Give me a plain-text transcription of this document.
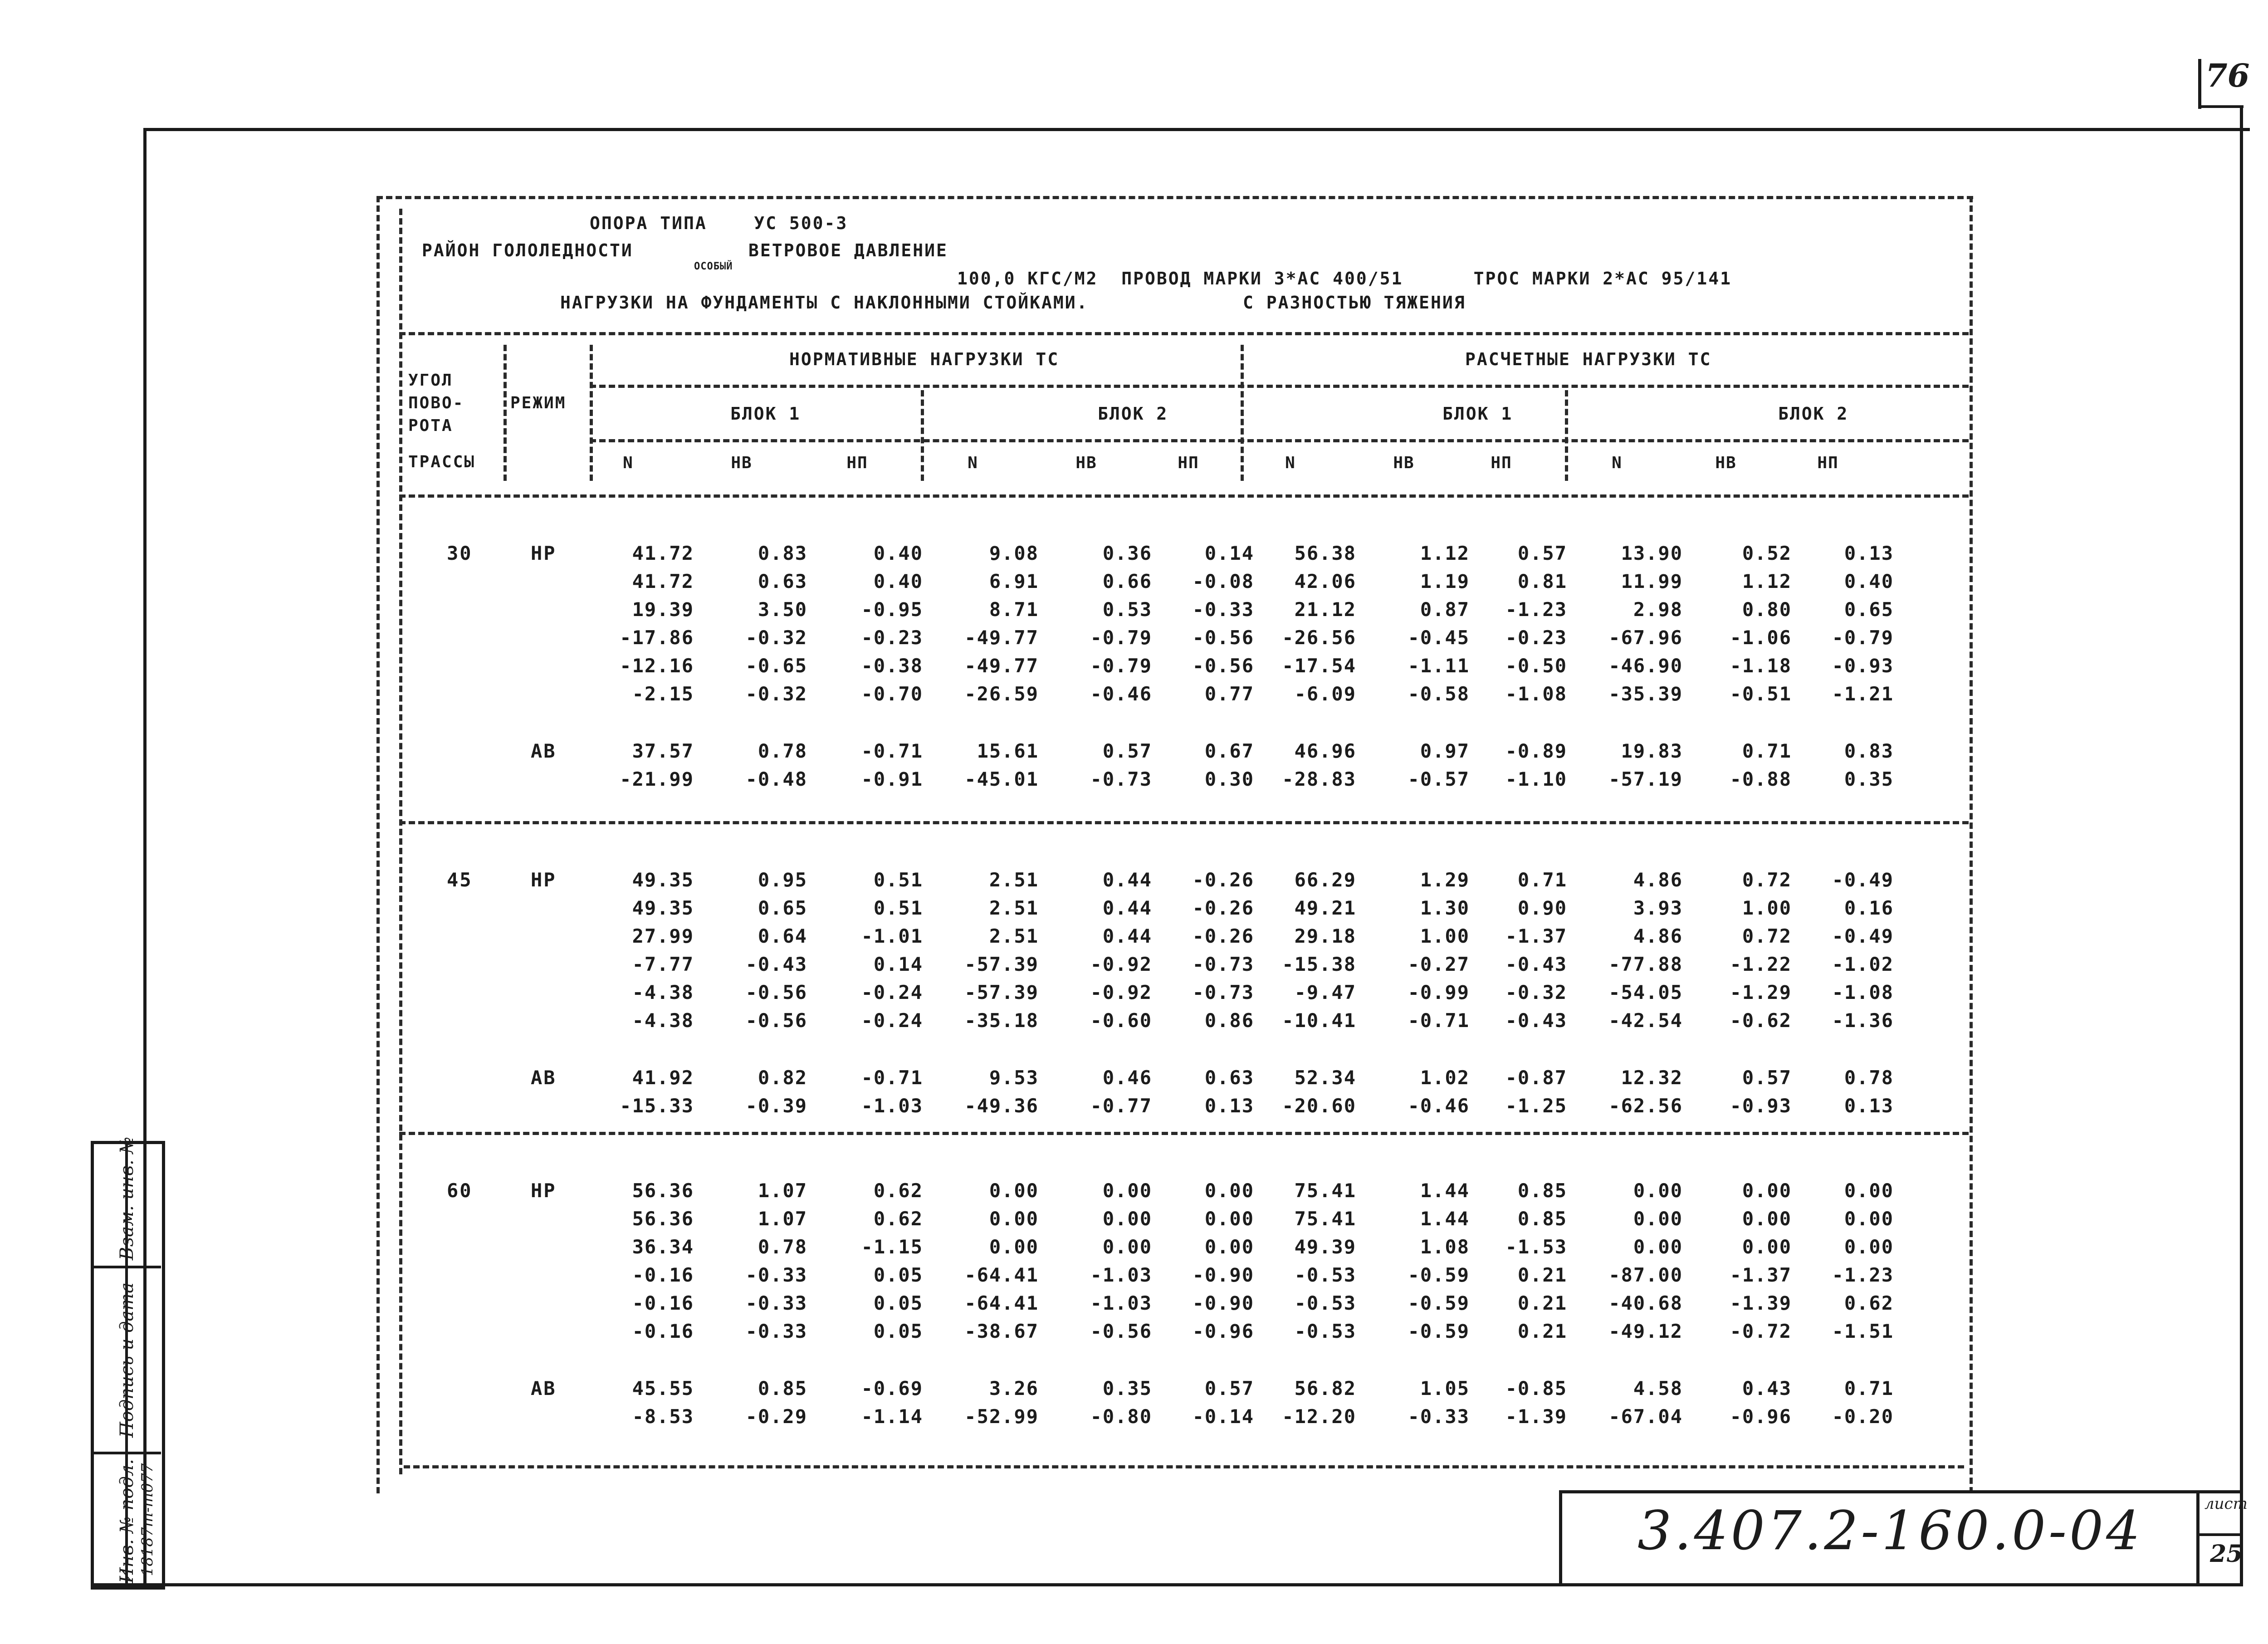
76
ОПОРА ТИПА    УС 500-3
РАЙОН ГОЛОЛЕДНОСТИ
ОСОБЫЙ
ВЕТРОВОЕ ДАВЛЕНИЕ
100,0 КГС/М2  ПРОВОД МАРКИ 3*АС 400/51      ТРОС МАРКИ 2*АС 95/141
НАГРУЗКИ НА ФУНДАМЕНТЫ С НАКЛОННЫМИ СТОЙКАМИ.	С РАЗНОСТЬЮ ТЯЖЕНИЯ
УГОЛ
ПОВО-
РОТА
ТРАССЫ
РЕЖИМ
НОРМАТИВНЫЕ НАГРУЗКИ ТС	РАСЧЕТНЫЕ НАГРУЗКИ ТС
БЛОК 1	БЛОК 2	БЛОК 1	БЛОК 2
N	НВ	НП	N	НВ	НП	N	НВ	НП	N	НВ	НП
30	НР	41.72	0.83	0.40	9.08	0.36	0.14	56.38	1.12	0.57	13.90	0.52	0.13
41.72	0.63	0.40	6.91	0.66	-0.08	42.06	1.19	0.81	11.99	1.12	0.40
19.39	3.50	-0.95	8.71	0.53	-0.33	21.12	0.87	-1.23	2.98	0.80	0.65
-17.86	-0.32	-0.23	-49.77	-0.79	-0.56	-26.56	-0.45	-0.23	-67.96	-1.06	-0.79
-12.16	-0.65	-0.38	-49.77	-0.79	-0.56	-17.54	-1.11	-0.50	-46.90	-1.18	-0.93
-2.15	-0.32	-0.70	-26.59	-0.46	0.77	-6.09	-0.58	-1.08	-35.39	-0.51	-1.21
АВ	37.57	0.78	-0.71	15.61	0.57	0.67	46.96	0.97	-0.89	19.83	0.71	0.83
-21.99	-0.48	-0.91	-45.01	-0.73	0.30	-28.83	-0.57	-1.10	-57.19	-0.88	0.35
45	НР	49.35	0.95	0.51	2.51	0.44	-0.26	66.29	1.29	0.71	4.86	0.72	-0.49
49.35	0.65	0.51	2.51	0.44	-0.26	49.21	1.30	0.90	3.93	1.00	0.16
27.99	0.64	-1.01	2.51	0.44	-0.26	29.18	1.00	-1.37	4.86	0.72	-0.49
-7.77	-0.43	0.14	-57.39	-0.92	-0.73	-15.38	-0.27	-0.43	-77.88	-1.22	-1.02
-4.38	-0.56	-0.24	-57.39	-0.92	-0.73	-9.47	-0.99	-0.32	-54.05	-1.29	-1.08
-4.38	-0.56	-0.24	-35.18	-0.60	0.86	-10.41	-0.71	-0.43	-42.54	-0.62	-1.36
АВ	41.92	0.82	-0.71	9.53	0.46	0.63	52.34	1.02	-0.87	12.32	0.57	0.78
-15.33	-0.39	-1.03	-49.36	-0.77	0.13	-20.60	-0.46	-1.25	-62.56	-0.93	0.13
60	НР	56.36	1.07	0.62	0.00	0.00	0.00	75.41	1.44	0.85	0.00	0.00	0.00
56.36	1.07	0.62	0.00	0.00	0.00	75.41	1.44	0.85	0.00	0.00	0.00
36.34	0.78	-1.15	0.00	0.00	0.00	49.39	1.08	-1.53	0.00	0.00	0.00
-0.16	-0.33	0.05	-64.41	-1.03	-0.90	-0.53	-0.59	0.21	-87.00	-1.37	-1.23
-0.16	-0.33	0.05	-64.41	-1.03	-0.90	-0.53	-0.59	0.21	-40.68	-1.39	0.62
-0.16	-0.33	0.05	-38.67	-0.56	-0.96	-0.53	-0.59	0.21	-49.12	-0.72	-1.51
АВ	45.55	0.85	-0.69	3.26	0.35	0.57	56.82	1.05	-0.85	4.58	0.43	0.71
-8.53	-0.29	-1.14	-52.99	-0.80	-0.14	-12.20	-0.33	-1.39	-67.04	-0.96	-0.20
3.407.2-160.0-04	лист
25
Взам. инв. №
Подпись и дата
Инв. № подл. 18187т-т077
